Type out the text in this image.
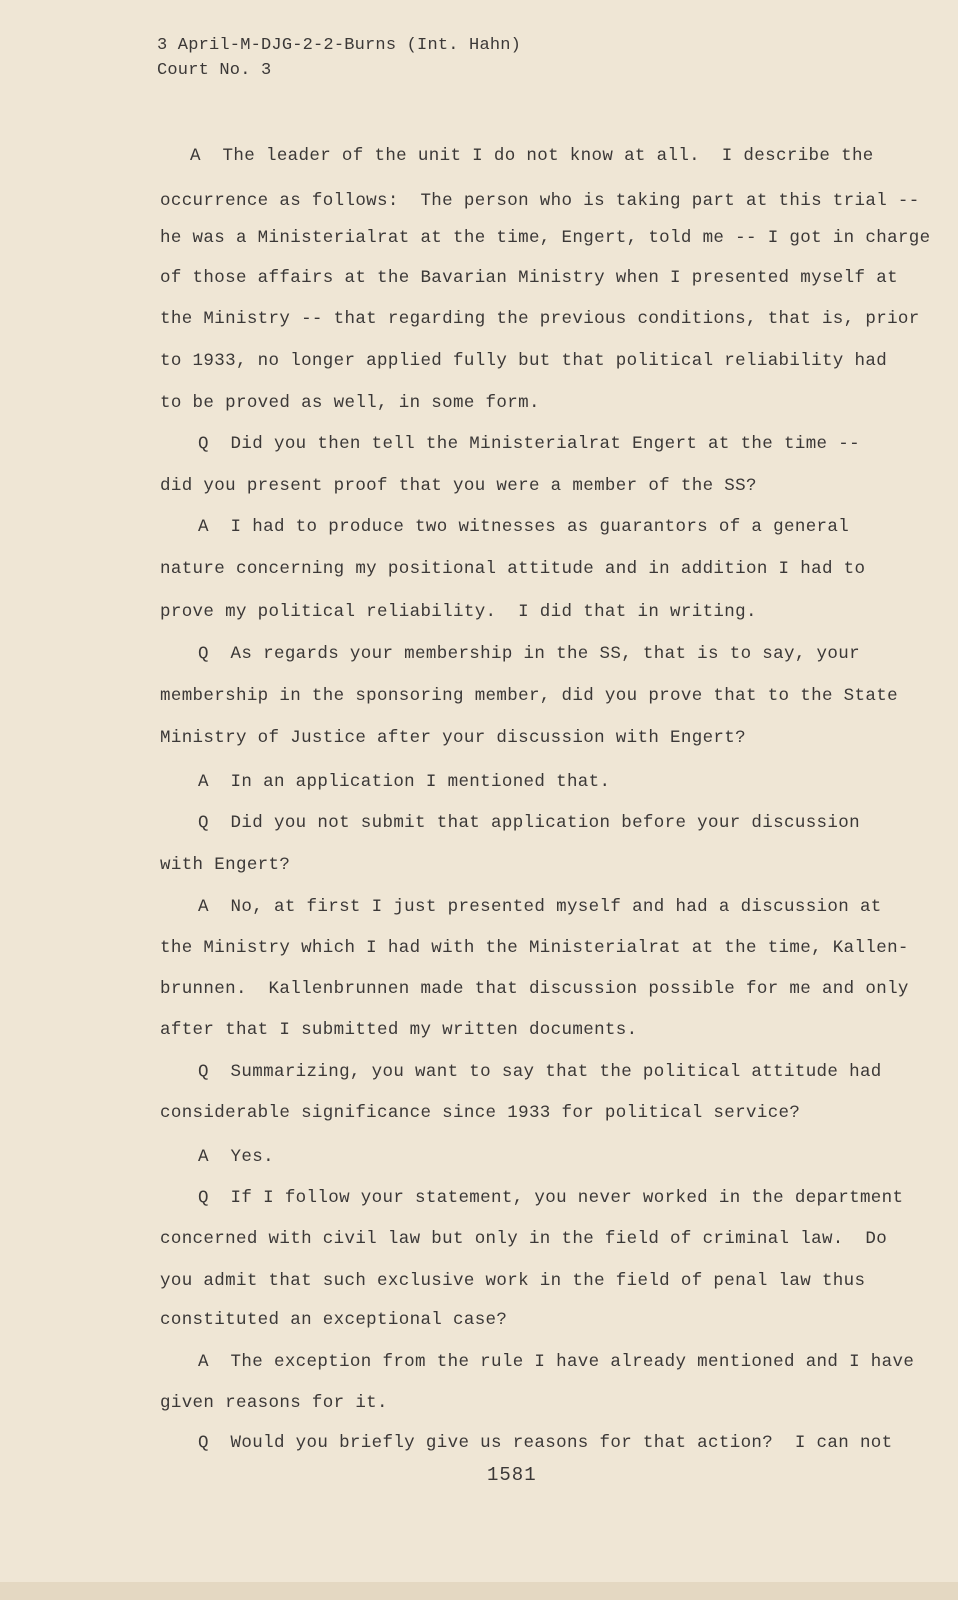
3 April-M-DJG-2-2-Burns (Int. Hahn)
Court No. 3
A  The leader of the unit I do not know at all.  I describe the
occurrence as follows:  The person who is taking part at this trial --
he was a Ministerialrat at the time, Engert, told me -- I got in charge
of those affairs at the Bavarian Ministry when I presented myself at
the Ministry -- that regarding the previous conditions, that is, prior
to 1933, no longer applied fully but that political reliability had
to be proved as well, in some form.
Q  Did you then tell the Ministerialrat Engert at the time --
did you present proof that you were a member of the SS?
A  I had to produce two witnesses as guarantors of a general
nature concerning my positional attitude and in addition I had to
prove my political reliability.  I did that in writing.
Q  As regards your membership in the SS, that is to say, your
membership in the sponsoring member, did you prove that to the State
Ministry of Justice after your discussion with Engert?
A  In an application I mentioned that.
Q  Did you not submit that application before your discussion
with Engert?
A  No, at first I just presented myself and had a discussion at
the Ministry which I had with the Ministerialrat at the time, Kallen-
brunnen.  Kallenbrunnen made that discussion possible for me and only
after that I submitted my written documents.
Q  Summarizing, you want to say that the political attitude had
considerable significance since 1933 for political service?
A  Yes.
Q  If I follow your statement, you never worked in the department
concerned with civil law but only in the field of criminal law.  Do
you admit that such exclusive work in the field of penal law thus
constituted an exceptional case?
A  The exception from the rule I have already mentioned and I have
given reasons for it.
Q  Would you briefly give us reasons for that action?  I can not
1581
